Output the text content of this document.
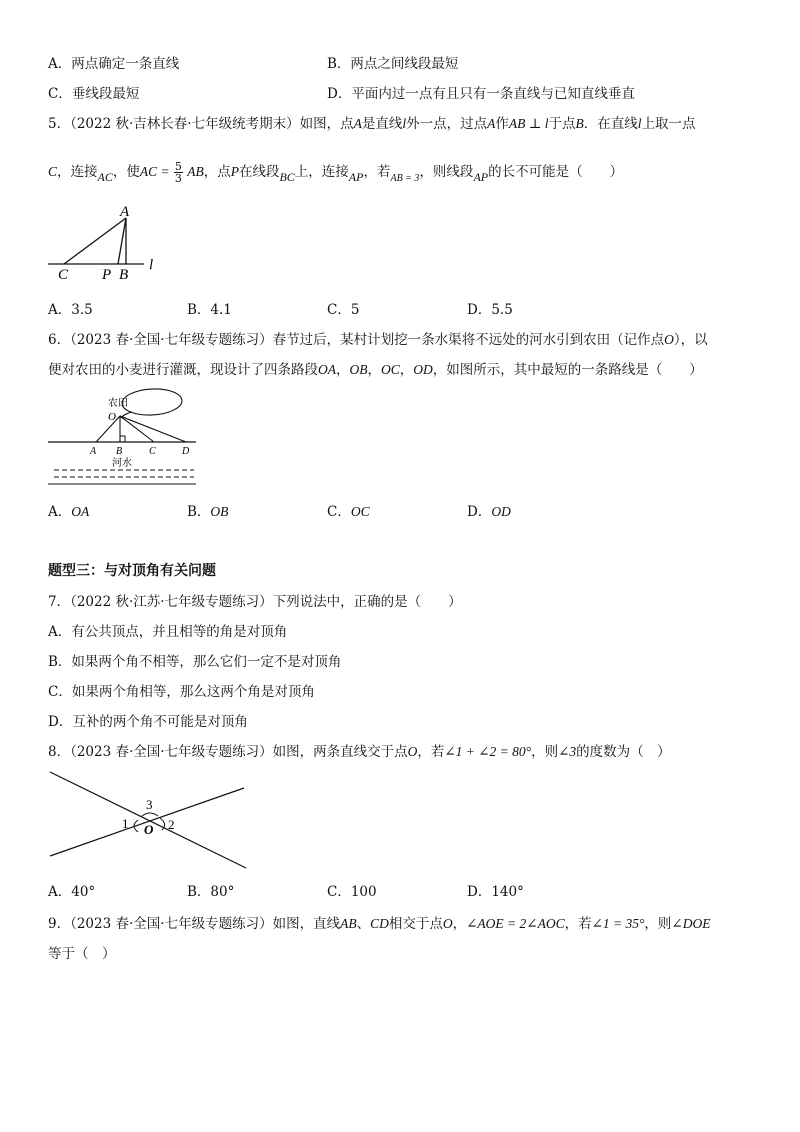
A．两点确定一条直线	B．两点之间线段最短
C．垂线段最短	D．平面内过一点有且只有一条直线与已知直线垂直
5．（2022 秋·吉林长春·七年级统考期末）如图，点A是直线l外一点，过点A作AB ⊥ l于点B．在直线l上取一点
C，连接AC，使AC = $\frac{5}{3}$ AB，点P在线段BC上，连接AP，若$_{AB = 3}$，则线段AP的长不可能是（　　）
A
C P B
l
A．3.5	B．4.1	C．5	D．5.5
6．（2023 春·全国·七年级专题练习）春节过后，某村计划挖一条水渠将不远处的河水引到农田（记作点O），以
便对农田的小麦进行灌溉，现设计了四条路段OA，OB，OC，OD，如图所示，其中最短的一条路线是（　　）
农田
O
A B	C	D
河水
A．OA	B．OB	C．OC	D．OD
题型三：与对顶角有关问题
7．（2022 秋·江苏·七年级专题练习）下列说法中，正确的是（　　）
A．有公共顶点，并且相等的角是对顶角
B．如果两个角不相等，那么它们一定不是对顶角
C．如果两个角相等，那么这两个角是对顶角
D．互补的两个角不可能是对顶角
8．（2023 春·全国·七年级专题练习）如图，两条直线交于点O，若∠1 + ∠2 = 80°，则∠3的度数为（　）
1	2
3
O
A．40°	B．80°	C．100	D．140°
9．（2023 春·全国·七年级专题练习）如图，直线AB、CD相交于点O，∠AOE = 2∠AOC，若∠1 = 35°，则∠DOE
等于（　）
